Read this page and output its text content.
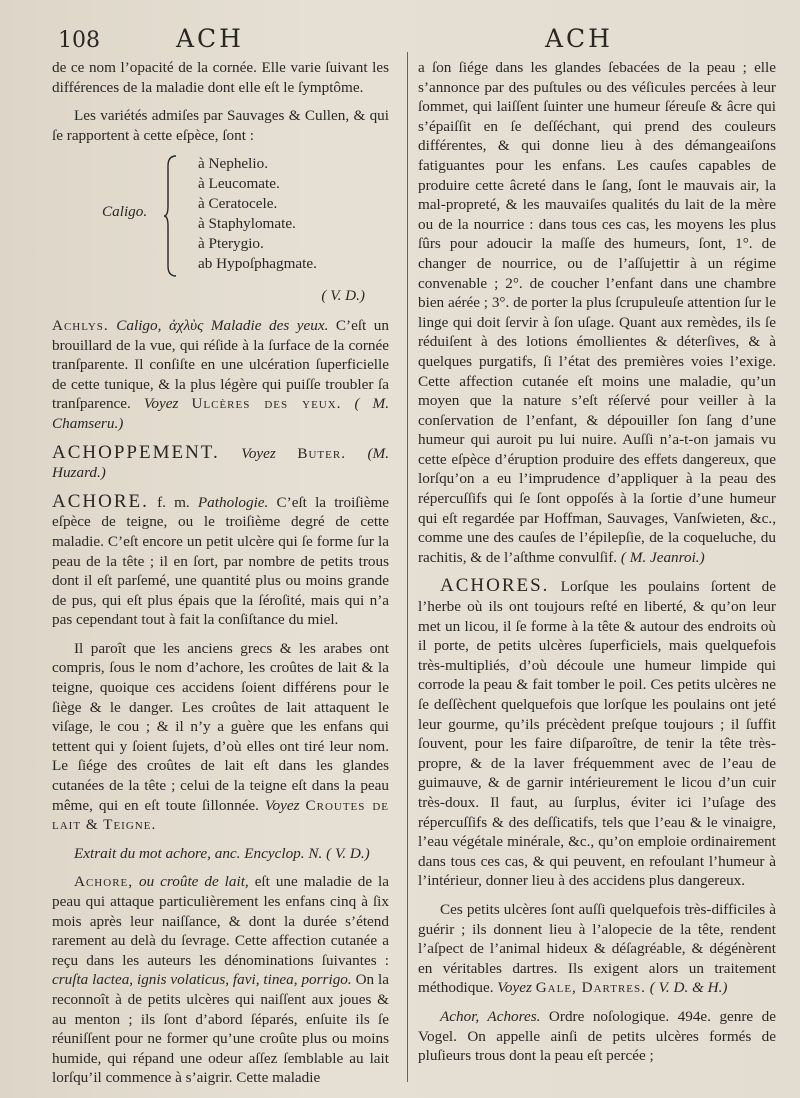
108	ACH	ACH

de ce nom l’opacité de la cornée. Elle varie ſuivant les différences de la maladie dont elle eſt le ſymptôme.

Les variétés admiſes par Sauvages & Cullen, & qui ſe rapportent à cette eſpèce, ſont :

Caligo.
à Nephelio.
à Leucomate.
à Ceratocele.
à Staphylomate.
à Pterygio.
ab Hypoſphagmate.

( V. D.)

Achlys. Caligo, ἀχλὺς Maladie des yeux. C’eſt un brouillard de la vue, qui réſide à la ſurface de la cornée tranſparente. Il conſiſte en une ulcération ſuperficielle de cette tunique, & la plus légère qui puiſſe troubler ſa tranſparence. Voyez Ulcères des yeux. ( M. Chamseru.)

ACHOPPEMENT. Voyez Buter. (M. Huzard.)

ACHORE. f. m. Pathologie. C’eſt la troiſième eſpèce de teigne, ou le troiſième degré de cette maladie. C’eſt encore un petit ulcère qui ſe forme ſur la peau de la tête ; il en ſort, par nombre de petits trous dont il eſt parſemé, une quantité plus ou moins grande de pus, qui eſt plus épais que la ſéroſité, mais qui n’a pas cependant tout à fait la conſiſtance du miel.

Il paroît que les anciens grecs & les arabes ont compris, ſous le nom d’achore, les croûtes de lait & la teigne, quoique ces accidens ſoient différens pour le ſiège & le danger. Les croûtes de lait attaquent le viſage, le cou ; & il n’y a guère que les enfans qui tettent qui y ſoient ſujets, d’où elles ont tiré leur nom. Le ſiége des croûtes de lait eſt dans les glandes cutanées de la tête ; celui de la teigne eſt dans la peau même, qui en eſt toute ſillonnée. Voyez Croutes de lait & Teigne.

Extrait du mot achore, anc. Encyclop. N. ( V. D.)

Achore, ou croûte de lait, eſt une maladie de la peau qui attaque particulièrement les enfans cinq à ſix mois après leur naiſſance, & dont la durée s’étend rarement au delà du ſevrage. Cette affection cutanée a reçu dans les auteurs les dénominations ſuivantes : cruſta lactea, ignis volaticus, favi, tinea, porrigo. On la reconnoît à de petits ulcères qui naiſſent aux joues & au menton ; ils ſont d’abord ſéparés, enſuite ils ſe réuniſſent pour ne former qu’une croûte plus ou moins humide, qui répand une odeur aſſez ſemblable au lait lorſqu’il commence à s’aigrir. Cette maladie

a ſon ſiége dans les glandes ſebacées de la peau ; elle s’annonce par des puſtules ou des véſicules percées à leur ſommet, qui laiſſent ſuinter une humeur ſéreuſe & âcre qui s’épaiſſit en ſe deſſéchant, qui prend des couleurs différentes, & qui donne lieu à des démangeaiſons fatiguantes pour les enfans. Les cauſes capables de produire cette âcreté dans le ſang, ſont le mauvais air, la mal-propreté, & les mauvaiſes qualités du lait de la mère ou de la nourrice : dans tous ces cas, les moyens les plus ſûrs pour adoucir la maſſe des humeurs, ſont, 1°. de changer de nourrice, ou de l’aſſujettir à un régime convenable ; 2°. de coucher l’enfant dans une chambre bien aérée ; 3°. de porter la plus ſcrupuleuſe attention ſur le linge qui doit ſervir à ſon uſage. Quant aux remèdes, ils ſe réduiſent à des lotions émollientes & déterſives, & à quelques purgatifs, ſi l’état des premières voies l’exige. Cette affection cutanée eſt moins une maladie, qu’un moyen que la nature s’eſt réſervé pour veiller à la conſervation de l’enfant, & dépouiller ſon ſang d’une humeur qui auroit pu lui nuire. Auſſi n’a-t-on jamais vu cette eſpèce d’éruption produire des effets dangereux, que lorſqu’on a eu l’imprudence d’appliquer à la peau des répercuſſifs qui ſe ſont oppoſés à la ſortie d’une humeur qui eſt regardée par Hoffman, Sauvages, Vanſwieten, &c., comme une des cauſes de l’épilepſie, de la coqueluche, du rachitis, & de l’aſthme convulſif. ( M. Jeanroi.)

ACHORES. Lorſque les poulains ſortent de l’herbe où ils ont toujours reſté en liberté, & qu’on leur met un licou, il ſe forme à la tête & autour des endroits où il porte, de petits ulcères ſuperficiels, mais quelquefois très-multipliés, d’où découle une humeur limpide qui corrode la peau & fait tomber le poil. Ces petits ulcères ne ſe deſſèchent quelquefois que lorſque les poulains ont jeté leur gourme, qu’ils précèdent preſque toujours ; il ſuffit ſouvent, pour les faire diſparoître, de tenir la tête très-propre, & de la laver fréquemment avec de l’eau de guimauve, & de garnir intérieurement le licou d’un cuir très-doux. Il faut, au ſurplus, éviter ici l’uſage des répercuſſifs & des deſſicatifs, tels que l’eau & le vinaigre, l’eau végétale minérale, &c., qu’on emploie ordinairement dans tous ces cas, & qui peuvent, en refoulant l’humeur à l’intérieur, donner lieu à des accidens plus dangereux.

Ces petits ulcères ſont auſſi quelquefois très-difficiles à guérir ; ils donnent lieu à l’alopecie de la tête, rendent l’aſpect de l’animal hideux & déſagréable, & dégénèrent en véritables dartres. Ils exigent alors un traitement méthodique. Voyez Gale, Dartres. ( V. D. & H.)

Achor, Achores. Ordre noſologique. 494e. genre de Vogel. On appelle ainſi de petits ulcères formés de pluſieurs trous dont la peau eſt percée ;
